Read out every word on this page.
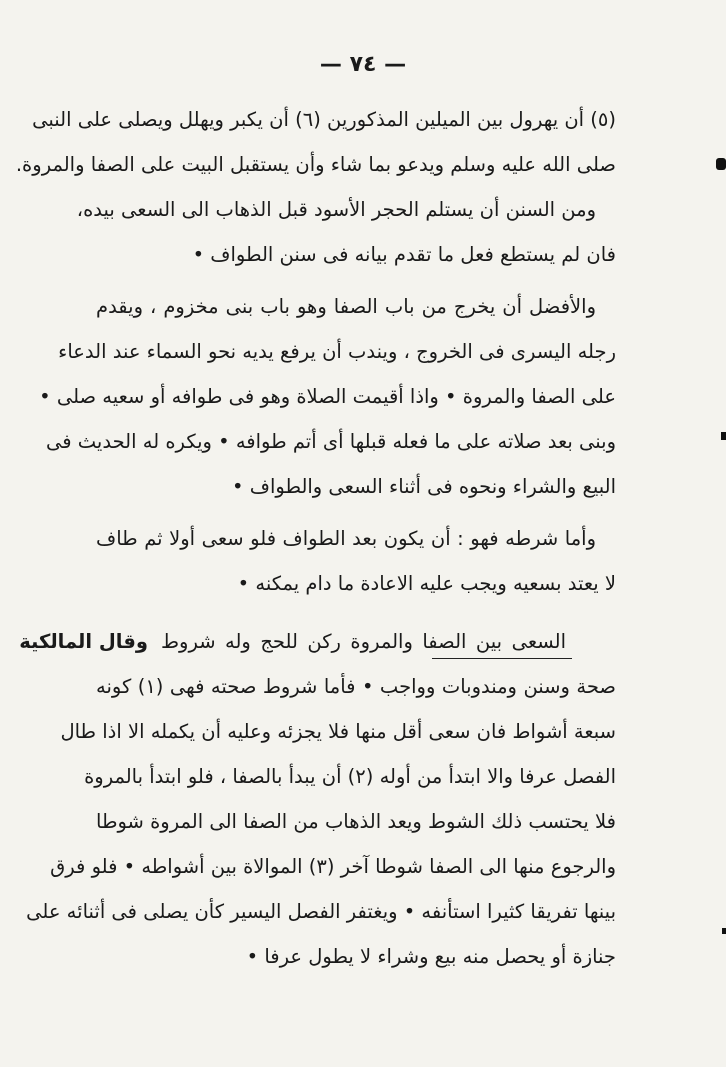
— ٧٤ —
(٥) أن يهرول بين الميلين المذكورين (٦) أن يكبر ويهلل ويصلى على النبى
صلى الله عليه وسلم ويدعو بما شاء وأن يستقبل البيت على الصفا والمروة.
ومن السنن أن يستلم الحجر الأسود قبل الذهاب الى السعى بيده،
فان لم يستطع فعل ما تقدم بيانه فى سنن الطواف •
والأفضل أن يخرج من باب الصفا وهو باب بنى مخزوم ، ويقدم
رجله اليسرى فى الخروج ، ويندب أن يرفع يديه نحو السماء عند الدعاء
على الصفا والمروة • واذا أقيمت الصلاة وهو فى طوافه أو سعيه صلى •
وبنى بعد صلاته على ما فعله قبلها أى أتم طوافه • ويكره له الحديث فى
البيع والشراء ونحوه فى أثناء السعى والطواف •
وأما شرطه فهو : أن يكون بعد الطواف فلو سعى أولا ثم طاف
لا يعتد بسعيه ويجب عليه الاعادة ما دام يمكنه •
وقال المالكية السعى بين الصفا والمروة ركن للحج وله شروط
صحة وسنن ومندوبات وواجب • فأما شروط صحته فهى (١) كونه
سبعة أشواط فان سعى أقل منها فلا يجزئه وعليه أن يكمله الا اذا طال
الفصل عرفا والا ابتدأ من أوله (٢) أن يبدأ بالصفا ، فلو ابتدأ بالمروة
فلا يحتسب ذلك الشوط ويعد الذهاب من الصفا الى المروة شوطا
والرجوع منها الى الصفا شوطا آخر (٣) الموالاة بين أشواطه • فلو فرق
بينها تفريقا كثيرا استأنفه • ويغتفر الفصل اليسير كأن يصلى فى أثنائه على
جنازة أو يحصل منه بيع وشراء لا يطول عرفا •
